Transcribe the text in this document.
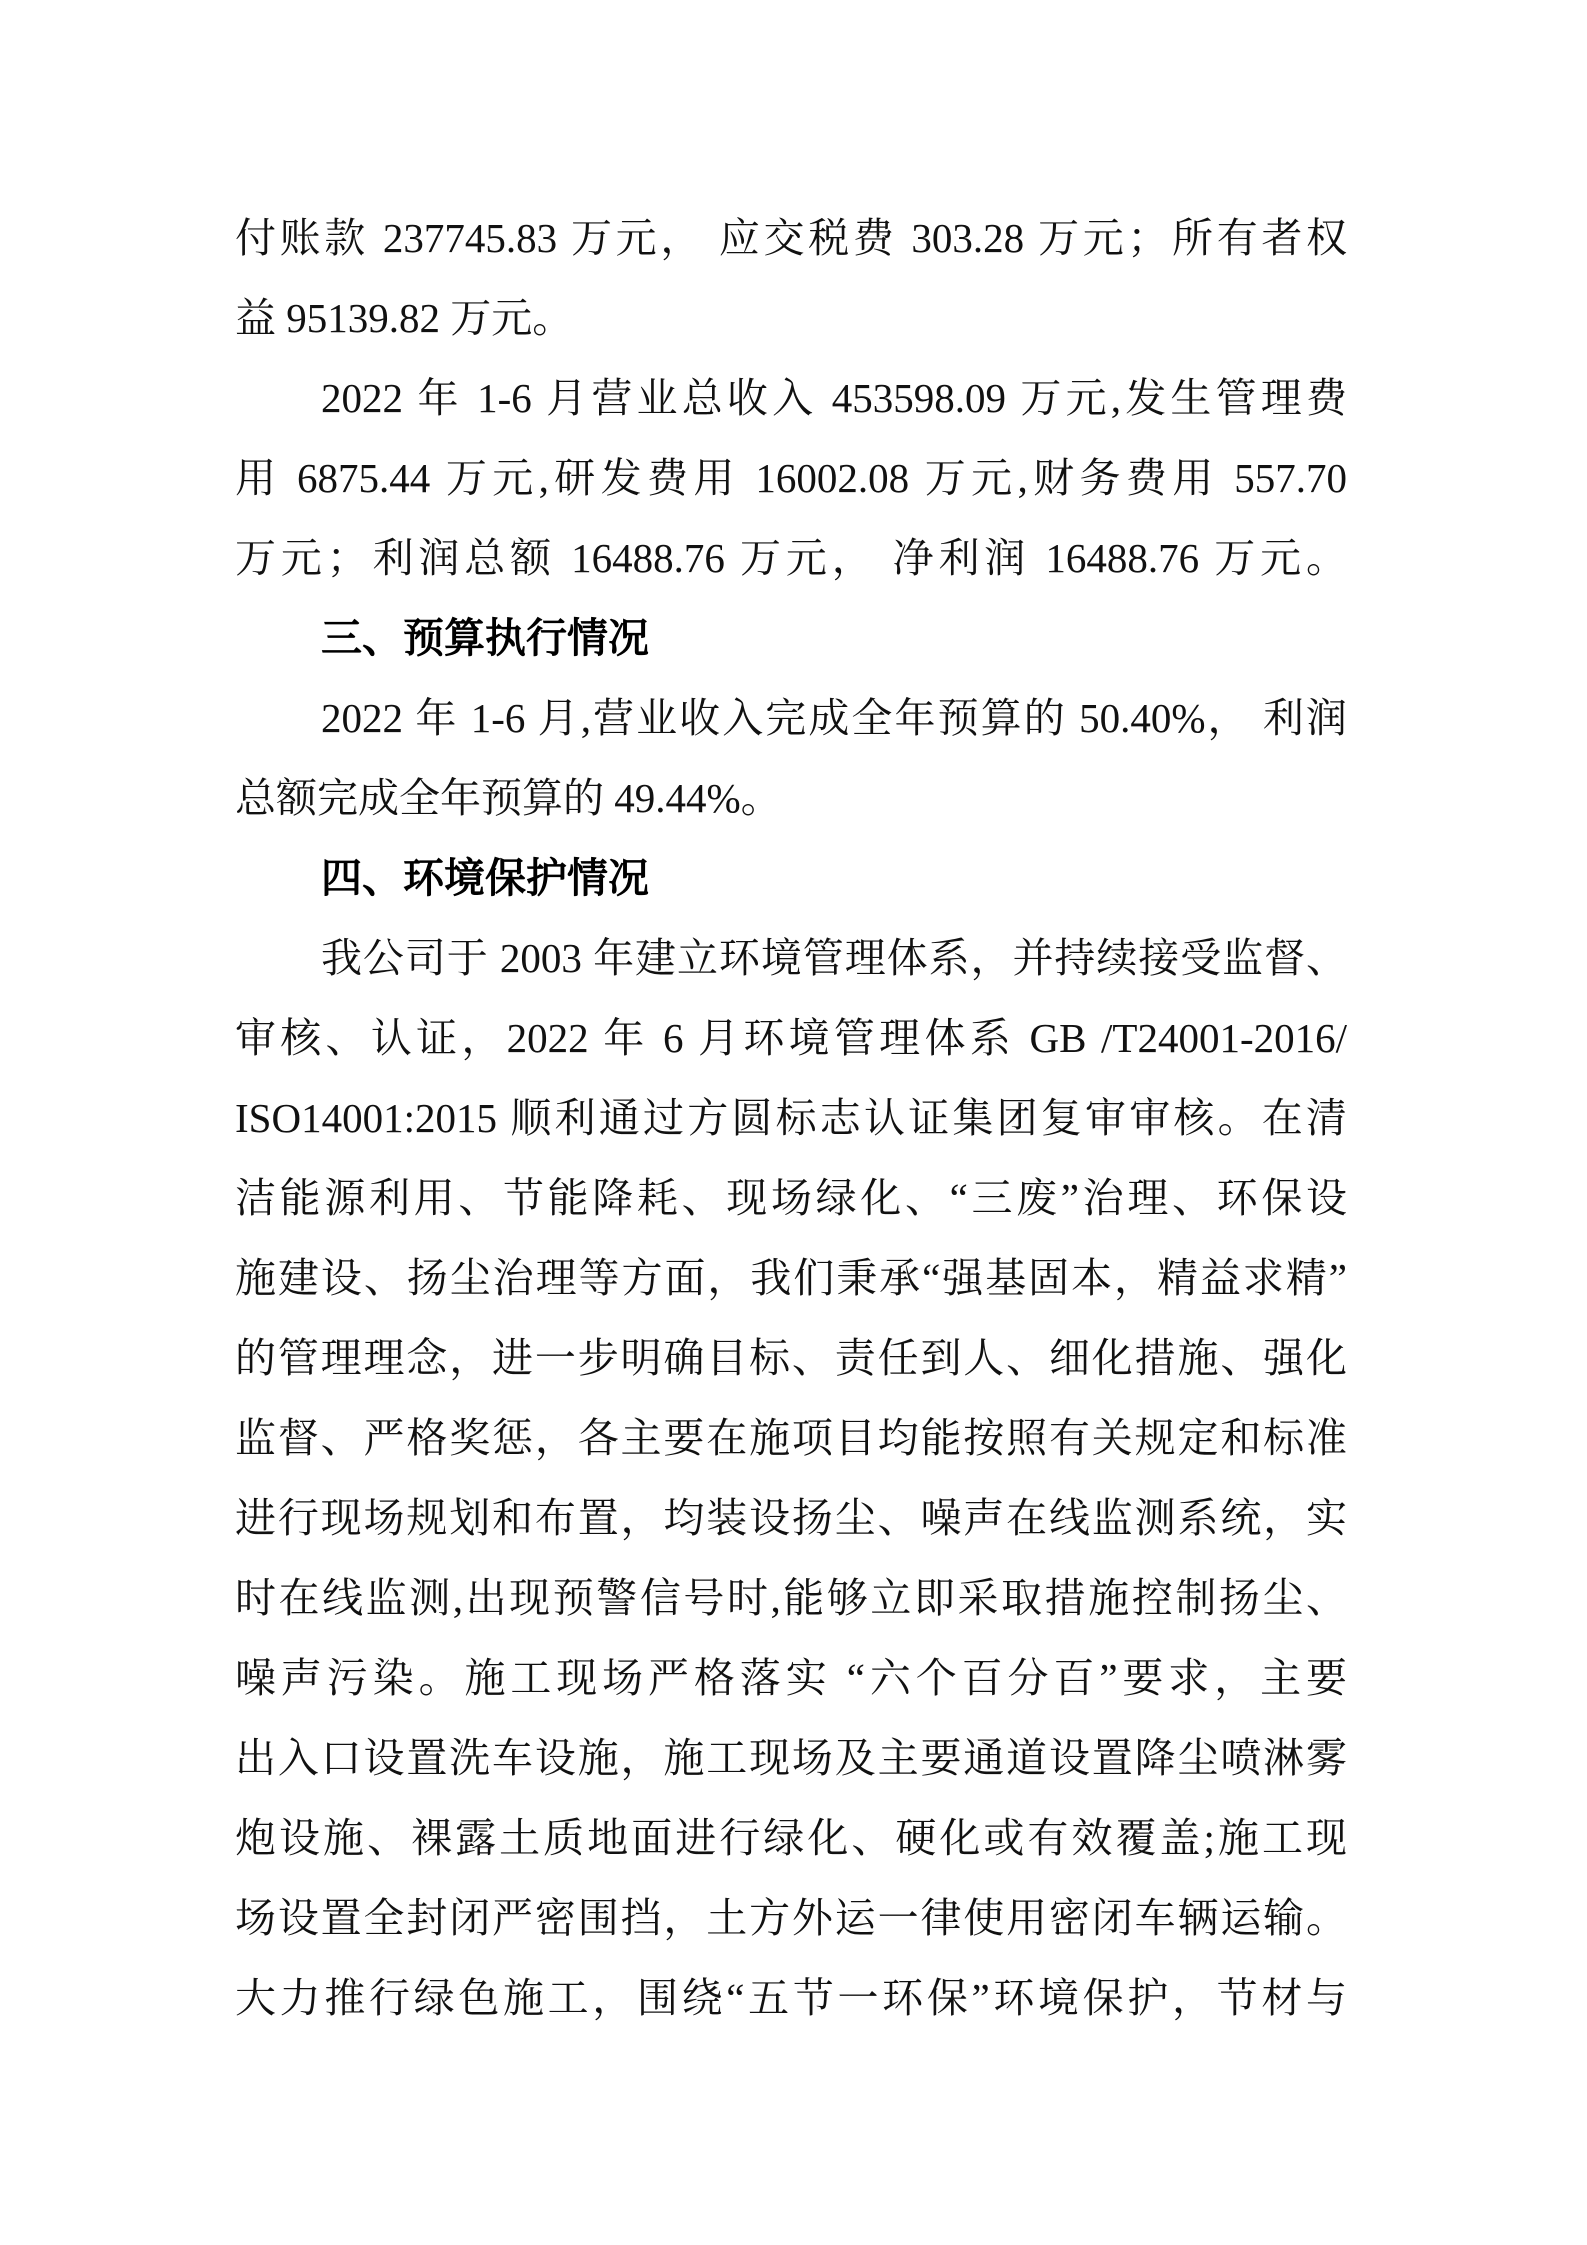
付账款 237745.83 万元， 应交税费 303.28 万元；所有者权
益 95139.82 万元。
2022 年 1-6 月营业总收入 453598.09 万元,发生管理费
用 6875.44 万元,研发费用 16002.08 万元,财务费用 557.70
万元；利润总额 16488.76 万元， 净利润 16488.76 万元。
三、预算执行情况
2022 年 1-6 月,营业收入完成全年预算的 50.40%， 利润
总额完成全年预算的 49.44%。
四、环境保护情况
我公司于 2003 年建立环境管理体系，并持续接受监督、
审核、认证，2022 年 6 月环境管理体系 GB /T24001-2016/
ISO14001:2015 顺利通过方圆标志认证集团复审审核。在清
洁能源利用、节能降耗、现场绿化、“三废”治理、环保设
施建设、扬尘治理等方面，我们秉承“强基固本，精益求精”
的管理理念，进一步明确目标、责任到人、细化措施、强化
监督、严格奖惩，各主要在施项目均能按照有关规定和标准
进行现场规划和布置，均装设扬尘、噪声在线监测系统，实
时在线监测,出现预警信号时,能够立即采取措施控制扬尘、
噪声污染。施工现场严格落实 “六个百分百”要求，主要
出入口设置洗车设施，施工现场及主要通道设置降尘喷淋雾
炮设施、裸露土质地面进行绿化、硬化或有效覆盖;施工现
场设置全封闭严密围挡，土方外运一律使用密闭车辆运输。
大力推行绿色施工，围绕“五节一环保”环境保护，节材与
